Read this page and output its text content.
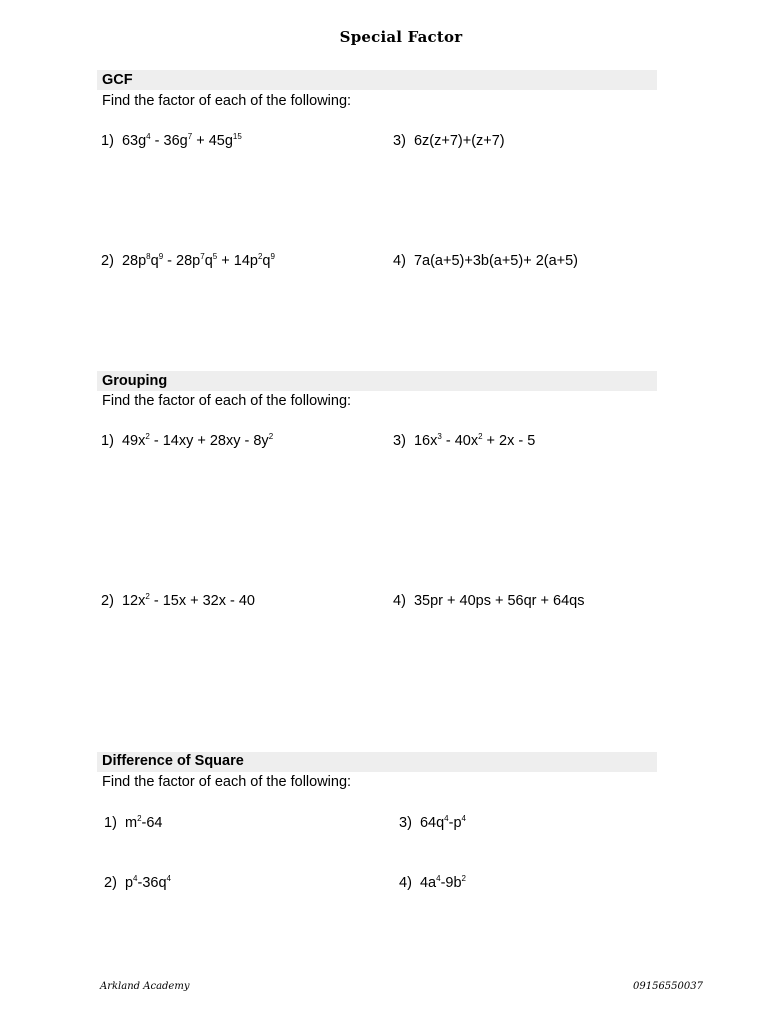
Special Factor
GCF
Find the factor of each of the following:
1) $63g^4 - 36g^7 + 45g^{15}$
2) $28p^8q^9 - 28p^7q^5 + 14p^2q^9$
3) 6z(z+7)+(z+7)
4) 7a(a+5)+3b(a+5)+ 2(a+5)
Grouping
Find the factor of each of the following:
1) $49x^2 - 14xy + 28xy - 8y^2$
2) $12x^2 - 15x + 32x - 40$
3) $16x^3 - 40x^2 + 2x - 5$
4) 35pr + 40ps + 56qr + 64qs
Difference of Square
Find the factor of each of the following:
1) $m^2-64$
2) $p^4-36q^4$
3) $64q^4-p^4$
4) $4a^4-9b^2$
Arkland Academy	09156550037
